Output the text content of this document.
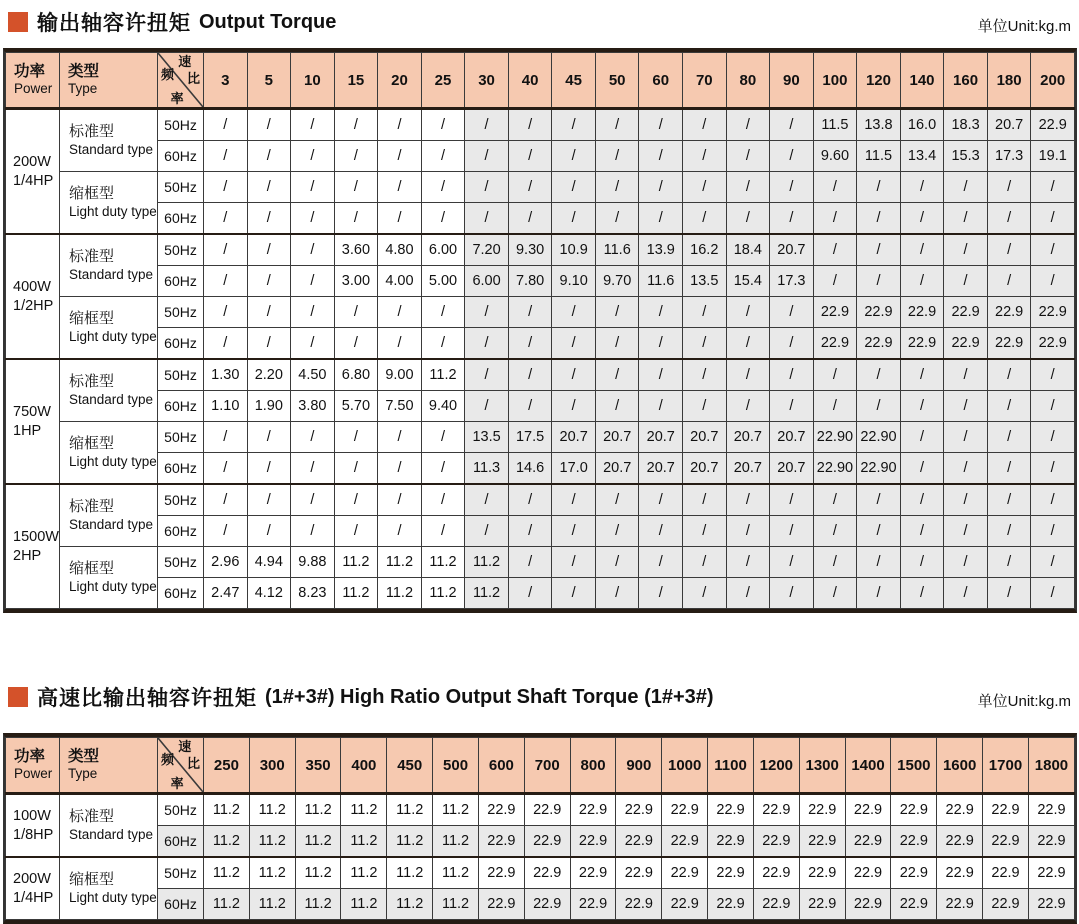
输出轴容许扭矩 Output Torque	单位Unit:kg.m
功率
Power

类型
Type

速
比
频
率
	3	5	10	15	20	25	30	40	45	50	60	70	80	90	100	120	140	160	180	200

200W
1/4HP

标准型
Standard type
	50Hz	/	/	/	/	/	/	/	/	/	/	/	/	/	/	11.5	13.8	16.0	18.3	20.7	22.9
		60Hz	/	/	/	/	/	/	/	/	/	/	/	/	/	/	9.60	11.5	13.4	15.3	17.3	19.1

	缩框型
Light duty type	50Hz	/	/	/	/	/	/	/	/	/	/	/	/	/	/	/	/	/	/	/	/
		60Hz	/	/	/	/	/	/	/	/	/	/	/	/	/	/	/	/	/	/	/	/

400W
1/2HP

标准型
Standard type
	50Hz	/	/	/	3.60	4.80	6.00	7.20	9.30	10.9	11.6	13.9	16.2	18.4	20.7	/	/	/	/	/	/
		60Hz	/	/	/	3.00	4.00	5.00	6.00	7.80	9.10	9.70	11.6	13.5	15.4	17.3	/	/	/	/	/	/

	缩框型
Light duty type	50Hz	/	/	/	/	/	/	/	/	/	/	/	/	/	/	22.9	22.9	22.9	22.9	22.9	22.9
		60Hz	/	/	/	/	/	/	/	/	/	/	/	/	/	/	22.9	22.9	22.9	22.9	22.9	22.9

750W
1HP

标准型
Standard type
	50Hz	1.30	2.20	4.50	6.80	9.00	11.2	/	/	/	/	/	/	/	/	/	/	/	/	/	/
		60Hz	1.10	1.90	3.80	5.70	7.50	9.40	/	/	/	/	/	/	/	/	/	/	/	/	/	/

	缩框型
Light duty type	50Hz	/	/	/	/	/	/	13.5	17.5	20.7	20.7	20.7	20.7	20.7	20.7	22.90	22.90	/	/	/	/
		60Hz	/	/	/	/	/	/	11.3	14.6	17.0	20.7	20.7	20.7	20.7	20.7	22.90	22.90	/	/	/	/

1500W
2HP

标准型
Standard type
	50Hz	/	/	/	/	/	/	/	/	/	/	/	/	/	/	/	/	/	/	/	/
		60Hz	/	/	/	/	/	/	/	/	/	/	/	/	/	/	/	/	/	/	/	/

	缩框型
Light duty type	50Hz	2.96	4.94	9.88	11.2	11.2	11.2	11.2	/	/	/	/	/	/	/	/	/	/	/	/	/
		60Hz	2.47	4.12	8.23	11.2	11.2	11.2	11.2	/	/	/	/	/	/	/	/	/	/	/	/	/
高速比输出轴容许扭矩 (1#+3#) High Ratio Output Shaft Torque (1#+3#)	单位Unit:kg.m
功率
Power

类型
Type

速
比
频
率
	250	300	350	400	450	500	600	700	800	900	1000	1100	1200	1300	1400	1500	1600	1700	1800

100W
1/8HP

标准型
Standard type
	50Hz	11.2	11.2	11.2	11.2	11.2	11.2	22.9	22.9	22.9	22.9	22.9	22.9	22.9	22.9	22.9	22.9	22.9	22.9	22.9
		60Hz	11.2	11.2	11.2	11.2	11.2	11.2	22.9	22.9	22.9	22.9	22.9	22.9	22.9	22.9	22.9	22.9	22.9	22.9	22.9

200W
1/4HP

缩框型
Light duty type
	50Hz	11.2	11.2	11.2	11.2	11.2	11.2	22.9	22.9	22.9	22.9	22.9	22.9	22.9	22.9	22.9	22.9	22.9	22.9	22.9
		60Hz	11.2	11.2	11.2	11.2	11.2	11.2	22.9	22.9	22.9	22.9	22.9	22.9	22.9	22.9	22.9	22.9	22.9	22.9	22.9
